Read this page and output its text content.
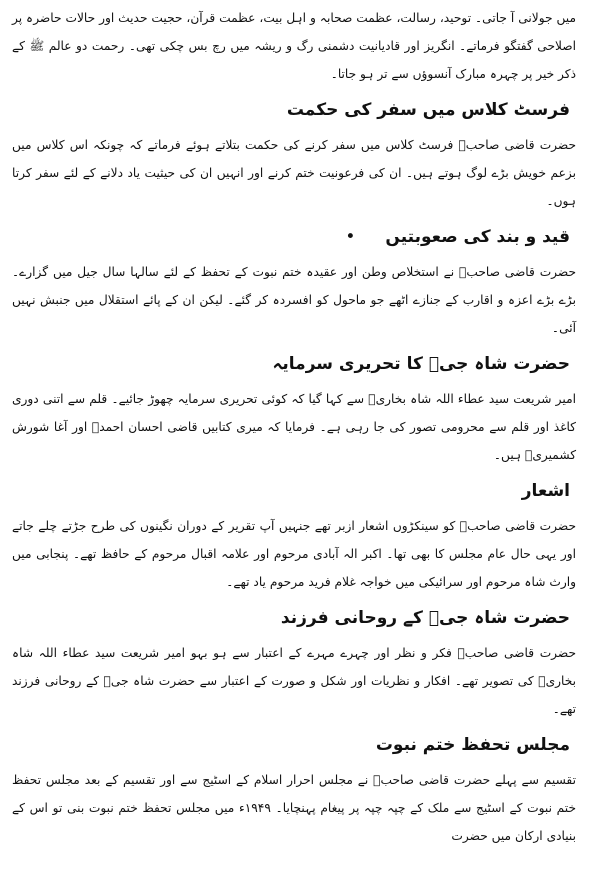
میں جولانی آ جاتی۔ توحید، رسالت، عظمت صحابہ و اہل بیت، عظمت قرآن، حجیت حدیث اور حالات حاضرہ پر اصلاحی گفتگو فرماتے۔ انگریز اور قادیانیت دشمنی رگ و ریشہ میں رچ بس چکی تھی۔ رحمت دو عالم ﷺ کے ذکر خیر پر چہرہ مبارک آنسوؤں سے تر ہو جاتا۔

فرسٹ کلاس میں سفر کی حکمت

حضرت قاضی صاحبؒ فرسٹ کلاس میں سفر کرنے کی حکمت بتلاتے ہوئے فرماتے کہ چونکہ اس کلاس میں بزعم خویش بڑے لوگ ہوتے ہیں۔ ان کی فرعونیت ختم کرنے اور انہیں ان کی حیثیت یاد دلانے کے لئے سفر کرتا ہوں۔

قید و بند کی صعوبتیں•

حضرت قاضی صاحبؒ نے استخلاص وطن اور عقیدہ ختم نبوت کے تحفظ کے لئے سالہا سال جیل میں گزارے۔ بڑے بڑے اعزہ و اقارب کے جنازے اٹھے جو ماحول کو افسردہ کر گئے۔ لیکن ان کے پائے استقلال میں جنبش نہیں آئی۔

حضرت شاہ جیؒ کا تحریری سرمایہ

امیر شریعت سید عطاء اللہ شاہ بخاریؒ سے کہا گیا کہ کوئی تحریری سرمایہ چھوڑ جائیے۔ قلم سے اتنی دوری کاغذ اور قلم سے محرومی تصور کی جا رہی ہے۔ فرمایا کہ میری کتابیں قاضی احسان احمدؒ اور آغا شورش کشمیریؒ ہیں۔

اشعار

حضرت قاضی صاحبؒ کو سینکڑوں اشعار ازبر تھے جنہیں آپ تقریر کے دوران نگینوں کی طرح جڑتے چلے جاتے اور یہی حال عام مجلس کا بھی تھا۔ اکبر الہ آبادی مرحوم اور علامہ اقبال مرحوم کے حافظ تھے۔ پنجابی میں وارث شاہ مرحوم اور سرائیکی میں خواجہ غلام فرید مرحوم یاد تھے۔

حضرت شاہ جیؒ کے روحانی فرزند

حضرت قاضی صاحبؒ فکر و نظر اور چہرے مہرے کے اعتبار سے ہو بہو امیر شریعت سید عطاء اللہ شاہ بخاریؒ کی تصویر تھے۔ افکار و نظریات اور شکل و صورت کے اعتبار سے حضرت شاہ جیؒ کے روحانی فرزند تھے۔

مجلس تحفظ ختم نبوت

تقسیم سے پہلے حضرت قاضی صاحبؒ نے مجلس احرار اسلام کے اسٹیج سے اور تقسیم کے بعد مجلس تحفظ ختم نبوت کے اسٹیج سے ملک کے چپہ چپہ پر پیغام پہنچایا۔ ۱۹۴۹ء میں مجلس تحفظ ختم نبوت بنی تو اس کے بنیادی ارکان میں حضرت
